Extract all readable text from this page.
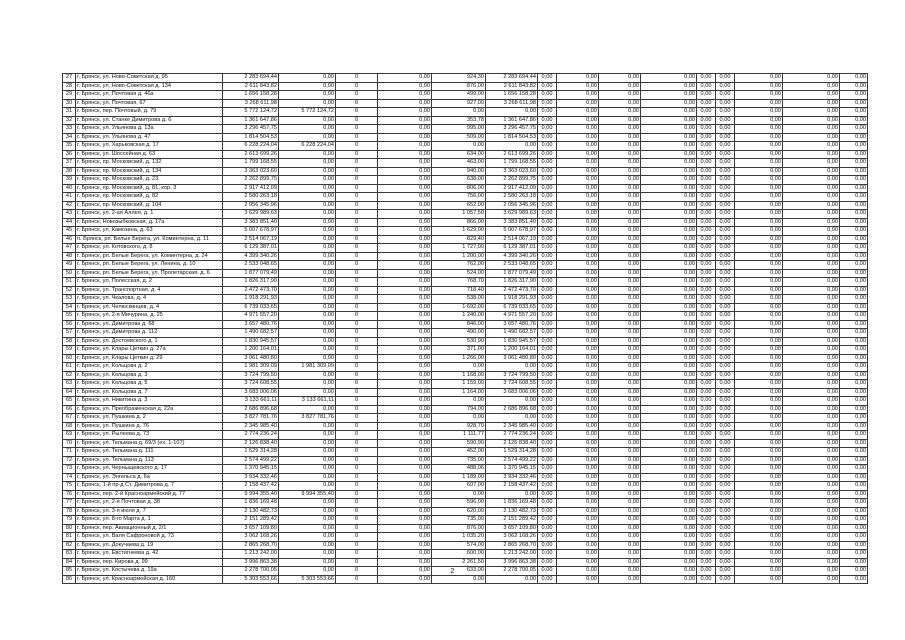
27	г. Брянск, ул. Ново-Советская д. 95	2 283 694,44	0,00	0	0,00	924,30	2 283 694,44	0,00	0,00	0,00	0,00	0,00	0,00	0,00	0,00	0,00
28	г. Брянск, ул. Ново-Советская д. 134	2 611 843,82	0,00	0	0,00	876,00	2 611 843,82	0,00	0,00	0,00	0,00	0,00	0,00	0,00	0,00	0,00
29	г. Брянск, ул. Почтовая д. 46а	1 656 158,28	0,00	0	0,00	499,00	1 656 158,28	0,00	0,00	0,00	0,00	0,00	0,00	0,00	0,00	0,00
30	г. Брянск, ул. Почтовая, 67	3 268 611,98	0,00	0	0,00	927,00	3 268 611,98	0,00	0,00	0,00	0,00	0,00	0,00	0,00	0,00	0,00
31	г. Брянск, пер. Почтовый, д. 79	5 772 124,72	5 772 124,72	0	0,00	0,00	0,00	0,00	0,00	0,00	0,00	0,00	0,00	0,00	0,00	0,00
32	г. Брянск, ул. Станке Димитрова д. 6	1 361 647,86	0,00	0	0,00	353,78	1 361 647,86	0,00	0,00	0,00	0,00	0,00	0,00	0,00	0,00	0,00
33	г. Брянск, ул. Ульянова д. 13а	3 296 457,75	0,00	0	0,00	995,00	3 296 457,75	0,00	0,00	0,00	0,00	0,00	0,00	0,00	0,00	0,00
34	г. Брянск, ул. Ульянова д. 47	1 814 504,53	0,00	0	0,00	509,00	1 814 504,53	0,00	0,00	0,00	0,00	0,00	0,00	0,00	0,00	0,00
35	г. Брянск, ул. Харьковская д. 17	6 228 224,04	6 228 224,04	0	0,00	0,00	0,00	0,00	0,00	0,00	0,00	0,00	0,00	0,00	0,00	0,00
36	г. Брянск, ул. Шоссейная д. 63	2 613 699,26	0,00	0	0,00	634,00	2 613 699,26	0,00	0,00	0,00	0,00	0,00	0,00	0,00	0,00	0,00
37	г. Брянск, пр. Московский, д. 132	1 799 168,55	0,00	0	0,00	463,00	1 799 168,55	0,00	0,00	0,00	0,00	0,00	0,00	0,00	0,00	0,00
38	г. Брянск, пр. Московский, д. 134	3 363 023,60	0,00	0	0,00	940,00	3 363 023,60	0,00	0,00	0,00	0,00	0,00	0,00	0,00	0,00	0,00
39	г. Брянск, пр. Московский, д. 23	2 262 899,75	0,00	0	0,00	638,00	2 262 899,75	0,00	0,00	0,00	0,00	0,00	0,00	0,00	0,00	0,00
40	г. Брянск, пр. Московский, д. 81, кор. 3	2 917 412,09	0,00	0	0,00	806,00	2 917 412,09	0,00	0,00	0,00	0,00	0,00	0,00	0,00	0,00	0,00
41	г. Брянск, пр. Московский, д. 82	2 580 263,18	0,00	0	0,00	756,00	2 580 263,18	0,00	0,00	0,00	0,00	0,00	0,00	0,00	0,00	0,00
42	г. Брянск, пр. Московский, д. 104	2 056 345,96	0,00	0	0,00	652,00	2 056 345,96	0,00	0,00	0,00	0,00	0,00	0,00	0,00	0,00	0,00
43	г. Брянск, ул. 2-ая Аллея, д. 1	3 629 989,63	0,00	0	0,00	1 057,50	3 629 989,63	0,00	0,00	0,00	0,00	0,00	0,00	0,00	0,00	0,00
44	г. Брянск, Новозыбковская, д. 17а	3 383 851,40	0,00	0	0,00	866,00	3 383 851,40	0,00	0,00	0,00	0,00	0,00	0,00	0,00	0,00	0,00
45	г. Брянск, ул. Камозина, д. 63	5 007 678,97	0,00	0	0,00	1 629,00	5 007 678,97	0,00	0,00	0,00	0,00	0,00	0,00	0,00	0,00	0,00
46	п. Брянск, рп. Белые Берега, ул. Коминтерна, д. 11	2 514 067,19	0,00	0	0,00	829,40	2 514 067,19	0,00	0,00	0,00	0,00	0,00	0,00	0,00	0,00	0,00
47	г. Брянск, ул. Котовского, д. 8	6 129 387,01	0,00	0	0,00	1 727,00	6 129 387,01	0,00	0,00	0,00	0,00	0,00	0,00	0,00	0,00	0,00
48	г. Брянск, рп. Белые Берега, ул. Коминтерна, д. 24	4 399 340,26	0,00	0	0,00	1 200,00	4 399 340,26	0,00	0,00	0,00	0,00	0,00	0,00	0,00	0,00	0,00
49	г. Брянск, рп. Белые Берега, ул. Ленина, д. 10	2 533 048,65	0,00	0	0,00	762,00	2 533 048,65	0,00	0,00	0,00	0,00	0,00	0,00	0,00	0,00	0,00
50	г. Брянск, рп. Белые Берега, ул. Пролетарская, д. 6	1 877 079,49	0,00	0	0,00	524,00	1 877 079,49	0,00	0,00	0,00	0,00	0,00	0,00	0,00	0,00	0,00
51	г. Брянск, ул. Полесская, д. 2	1 826 317,90	0,00	0	0,00	768,70	1 826 317,90	0,00	0,00	0,00	0,00	0,00	0,00	0,00	0,00	0,00
52	г. Брянск, ул. Транспортная, д. 4	2 472 473,70	0,00	0	0,00	718,40	2 472 473,70	0,00	0,00	0,00	0,00	0,00	0,00	0,00	0,00	0,00
53	г. Брянск, ул. Чкалова, д. 4	1 918 291,93	0,00	0	0,00	538,00	1 918 291,93	0,00	0,00	0,00	0,00	0,00	0,00	0,00	0,00	0,00
54	г. Брянск, ул. Челюскинцев, д. 4	6 739 033,65	0,00	0	0,00	1 692,00	6 739 033,65	0,00	0,00	0,00	0,00	0,00	0,00	0,00	0,00	0,00
55	г. Брянск, ул. 2-я Мичурина, д. 25	4 971 557,20	0,00	0	0,00	1 240,00	4 971 557,20	0,00	0,00	0,00	0,00	0,00	0,00	0,00	0,00	0,00
56	г. Брянск, ул. Димитрова д. 68	3 657 480,76	0,00	0	0,00	846,00	3 657 480,76	0,00	0,00	0,00	0,00	0,00	0,00	0,00	0,00	0,00
57	г. Брянск, ул. Димитрова д. 112	1 490 682,57	0,00	0	0,00	490,00	1 490 682,57	0,00	0,00	0,00	0,00	0,00	0,00	0,00	0,00	0,00
58	г. Брянск, ул. Достоевского д. 1	1 830 945,57	0,00	0	0,00	530,90	1 830 945,57	0,00	0,00	0,00	0,00	0,00	0,00	0,00	0,00	0,00
59	г. Брянск, ул. Клары Цеткин д. 27а	1 200 164,01	0,00	0	0,00	371,00	1 200 164,01	0,00	0,00	0,00	0,00	0,00	0,00	0,00	0,00	0,00
60	г. Брянск, ул. Клары Цеткин д. 29	3 061 480,80	0,00	0	0,00	1 266,00	3 061 480,80	0,00	0,00	0,00	0,00	0,00	0,00	0,00	0,00	0,00
61	г. Брянск, ул. Кольцова д. 2	1 981 309,09	1 981 309,09	0	0,00	0,00	0,00	0,00	0,00	0,00	0,00	0,00	0,00	0,00	0,00	0,00
62	г. Брянск, ул. Кольцова д. 3	3 724 799,50	0,00	0	0,00	1 168,00	3 724 799,50	0,00	0,00	0,00	0,00	0,00	0,00	0,00	0,00	0,00
63	г. Брянск, ул. Кольцова д. 5	3 724 608,55	0,00	0	0,00	1 159,00	3 724 608,55	0,00	0,00	0,00	0,00	0,00	0,00	0,00	0,00	0,00
64	г. Брянск, ул. Кольцова д. 7	3 683 006,06	0,00	0	0,00	1 164,00	3 683 006,06	0,00	0,00	0,00	0,00	0,00	0,00	0,00	0,00	0,00
65	г. Брянск, ул. Никитина д. 3	3 133 661,11	3 133 661,11	0	0,00	0,00	0,00	0,00	0,00	0,00	0,00	0,00	0,00	0,00	0,00	0,00
66	г. Брянск, ул. Преображенская д. 22а	2 686 896,68	0,00	0	0,00	794,00	2 686 896,68	0,00	0,00	0,00	0,00	0,00	0,00	0,00	0,00	0,00
67	г. Брянск, ул. Пушкина д. 2	3 827 781,76	3 827 781,76	0	0,00	0,00	0,00	0,00	0,00	0,00	0,00	0,00	0,00	0,00	0,00	0,00
68	г. Брянск, ул. Пушкина д. 76	2 345 985,40	0,00	0	0,00	928,70	2 345 985,40	0,00	0,00	0,00	0,00	0,00	0,00	0,00	0,00	0,00
69	г. Брянск, ул. Рылеева д. 73	2 774 236,24	0,00	0	0,00	1 111,77	2 774 236,24	0,00	0,00	0,00	0,00	0,00	0,00	0,00	0,00	0,00
70	г. Брянск, ул. Тельмана д. 69/3 (ex. 1-107)	2 126 838,40	0,00	0	0,00	590,90	2 126 838,40	0,00	0,00	0,00	0,00	0,00	0,00	0,00	0,00	0,00
71	г. Брянск, ул. Тельмана д. 111	1 529 314,28	0,00	0	0,00	452,00	1 529 314,28	0,00	0,00	0,00	0,00	0,00	0,00	0,00	0,00	0,00
72	г. Брянск, ул. Тельмана д. 113	2 574 499,22	0,00	0	0,00	735,00	2 574 499,22	0,00	0,00	0,00	0,00	0,00	0,00	0,00	0,00	0,00
73	г. Брянск, ул. Черныщевского д. 17	1 370 945,15	0,00	0	0,00	488,06	1 370 945,15	0,00	0,00	0,00	0,00	0,00	0,00	0,00	0,00	0,00
74	г. Брянск, ул. Энгельса д. 6а	3 934 332,46	0,00	0	0,00	1 189,00	3 934 332,46	0,00	0,00	0,00	0,00	0,00	0,00	0,00	0,00	0,00
75	г. Брянск, 1-й пр-д Ст. Димитрова д. 7	2 158 437,42	0,00	0	0,00	607,00	2 158 437,42	0,00	0,00	0,00	0,00	0,00	0,00	0,00	0,00	0,00
76	г. Брянск, пер. 2-й Красноармейский д. 77	9 994 355,40	9 994 355,40	0	0,00	0,00	0,00	0,00	0,00	0,00	0,00	0,00	0,00	0,00	0,00	0,00
77	г. Брянск, ул. 2-я Почтовая д. 38	1 836 169,48	0,00	0	0,00	596,00	1 836 169,48	0,00	0,00	0,00	0,00	0,00	0,00	0,00	0,00	0,00
78	г. Брянск, ул. 3-я июля д. 7	2 130 482,73	0,00	0	0,00	620,00	2 130 482,73	0,00	0,00	0,00	0,00	0,00	0,00	0,00	0,00	0,00
79	г. Брянск, ул. 8-го Марта д. 1	2 151 289,42	0,00	0	0,00	735,00	2 151 289,42	0,00	0,00	0,00	0,00	0,00	0,00	0,00	0,00	0,00
80	г. Брянск, пер. Авиационный д. 2/1	3 657 109,80	0,00	0	0,00	876,00	3 657 109,80	0,00	0,00	0,00	0,00	0,00	0,00	0,00	0,00	0,00
81	г. Брянск, ул. Валя Сафроновой д. 73	3 062 168,26	0,00	0	0,00	1 035,20	3 062 168,26	0,00	0,00	0,00	0,00	0,00	0,00	0,00	0,00	0,00
82	г. Брянск, ул. Докучаева д. 19	2 865 268,70	0,00	0	0,00	574,00	2 865 268,70	0,00	0,00	0,00	0,00	0,00	0,00	0,00	0,00	0,00
83	г. Брянск, ул. Евстигнеева д. 42	1 213 242,00	0,00	0	0,00	600,00	1 213 242,00	0,00	0,00	0,00	0,00	0,00	0,00	0,00	0,00	0,00
84	г. Брянск, пер. Кирова д. 99	3 996 863,38	0,00	0	0,00	2 261,50	3 996 863,38	0,00	0,00	0,00	0,00	0,00	0,00	0,00	0,00	0,00
85	г. Брянск, ул. Костычева д. 19а	2 278 700,05	0,00	0	0,00	633,00	2 278 700,05	0,00	0,00	0,00	0,00	0,00	0,00	0,00	0,00	0,00
86	г. Брянск, ул. Красноармейская д. 160	5 303 553,66	5 303 553,66	0	0,00	0,00	0,00	0,00	0,00	0,00	0,00	0,00	0,00	0,00	0,00	0,00
2
